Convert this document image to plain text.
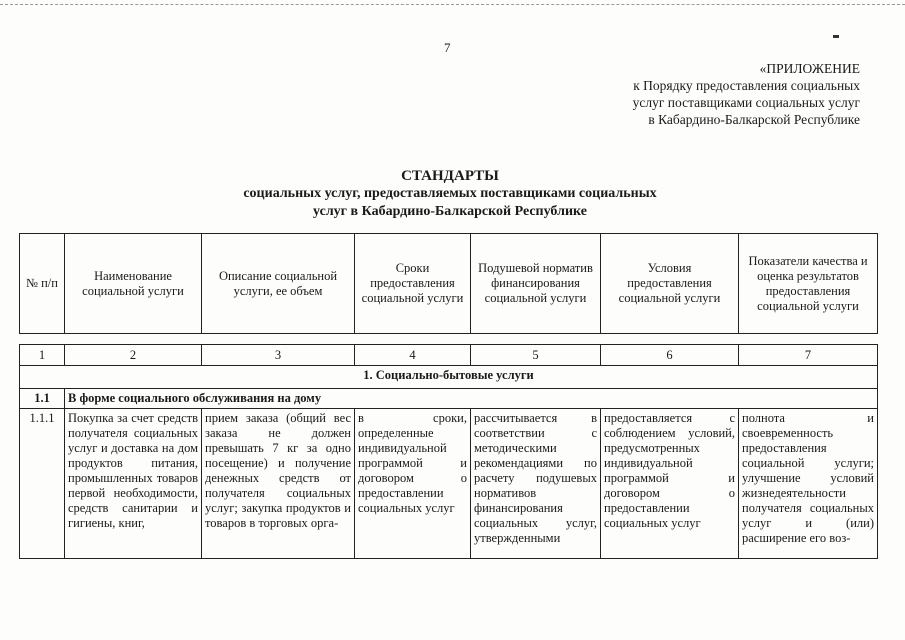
7
«ПРИЛОЖЕНИЕ
к Порядку предоставления социальных
услуг поставщиками социальных услуг
в Кабардино-Балкарской Республике
СТАНДАРТЫ
социальных услуг, предоставляемых поставщиками социальных
услуг в Кабардино-Балкарской Республике
№ п/п	Наименование социальной услуги	Описание социальной услуги, ее объем	Сроки предоставления социальной услуги	Подушевой норматив финансирования социальной услуги	Условия предоставления социальной услуги	Показатели качества и оценка результатов предоставления социальной услуги
1	2	3	4	5	6	7
1. Социально-бытовые услуги						
1.1	В форме социального обслуживания на дому					
1.1.1	Покупка за счет средств получателя социальных услуг и доставка на дом продуктов питания, промышленных товаров первой необходимости, средств санитарии и гигиены, книг,	прием заказа (общий вес заказа не должен превышать 7 кг за одно посещение) и получение денежных средств от получателя социальных услуг; закупка продуктов и товаров в торговых орга-	в сроки, определенные индивидуальной программой и договором о предоставлении социальных услуг	рассчитывается в соответствии с методическими рекомендациями по расчету подушевых нормативов финансирования социальных услуг, утвержденными	предоставляется с соблюдением условий, предусмотренных индивидуальной программой и договором о предоставлении социальных услуг	полнота и своевременность предоставления социальной услуги; улучшение условий жизнедеятельности получателя социальных услуг и (или) расширение его воз-
